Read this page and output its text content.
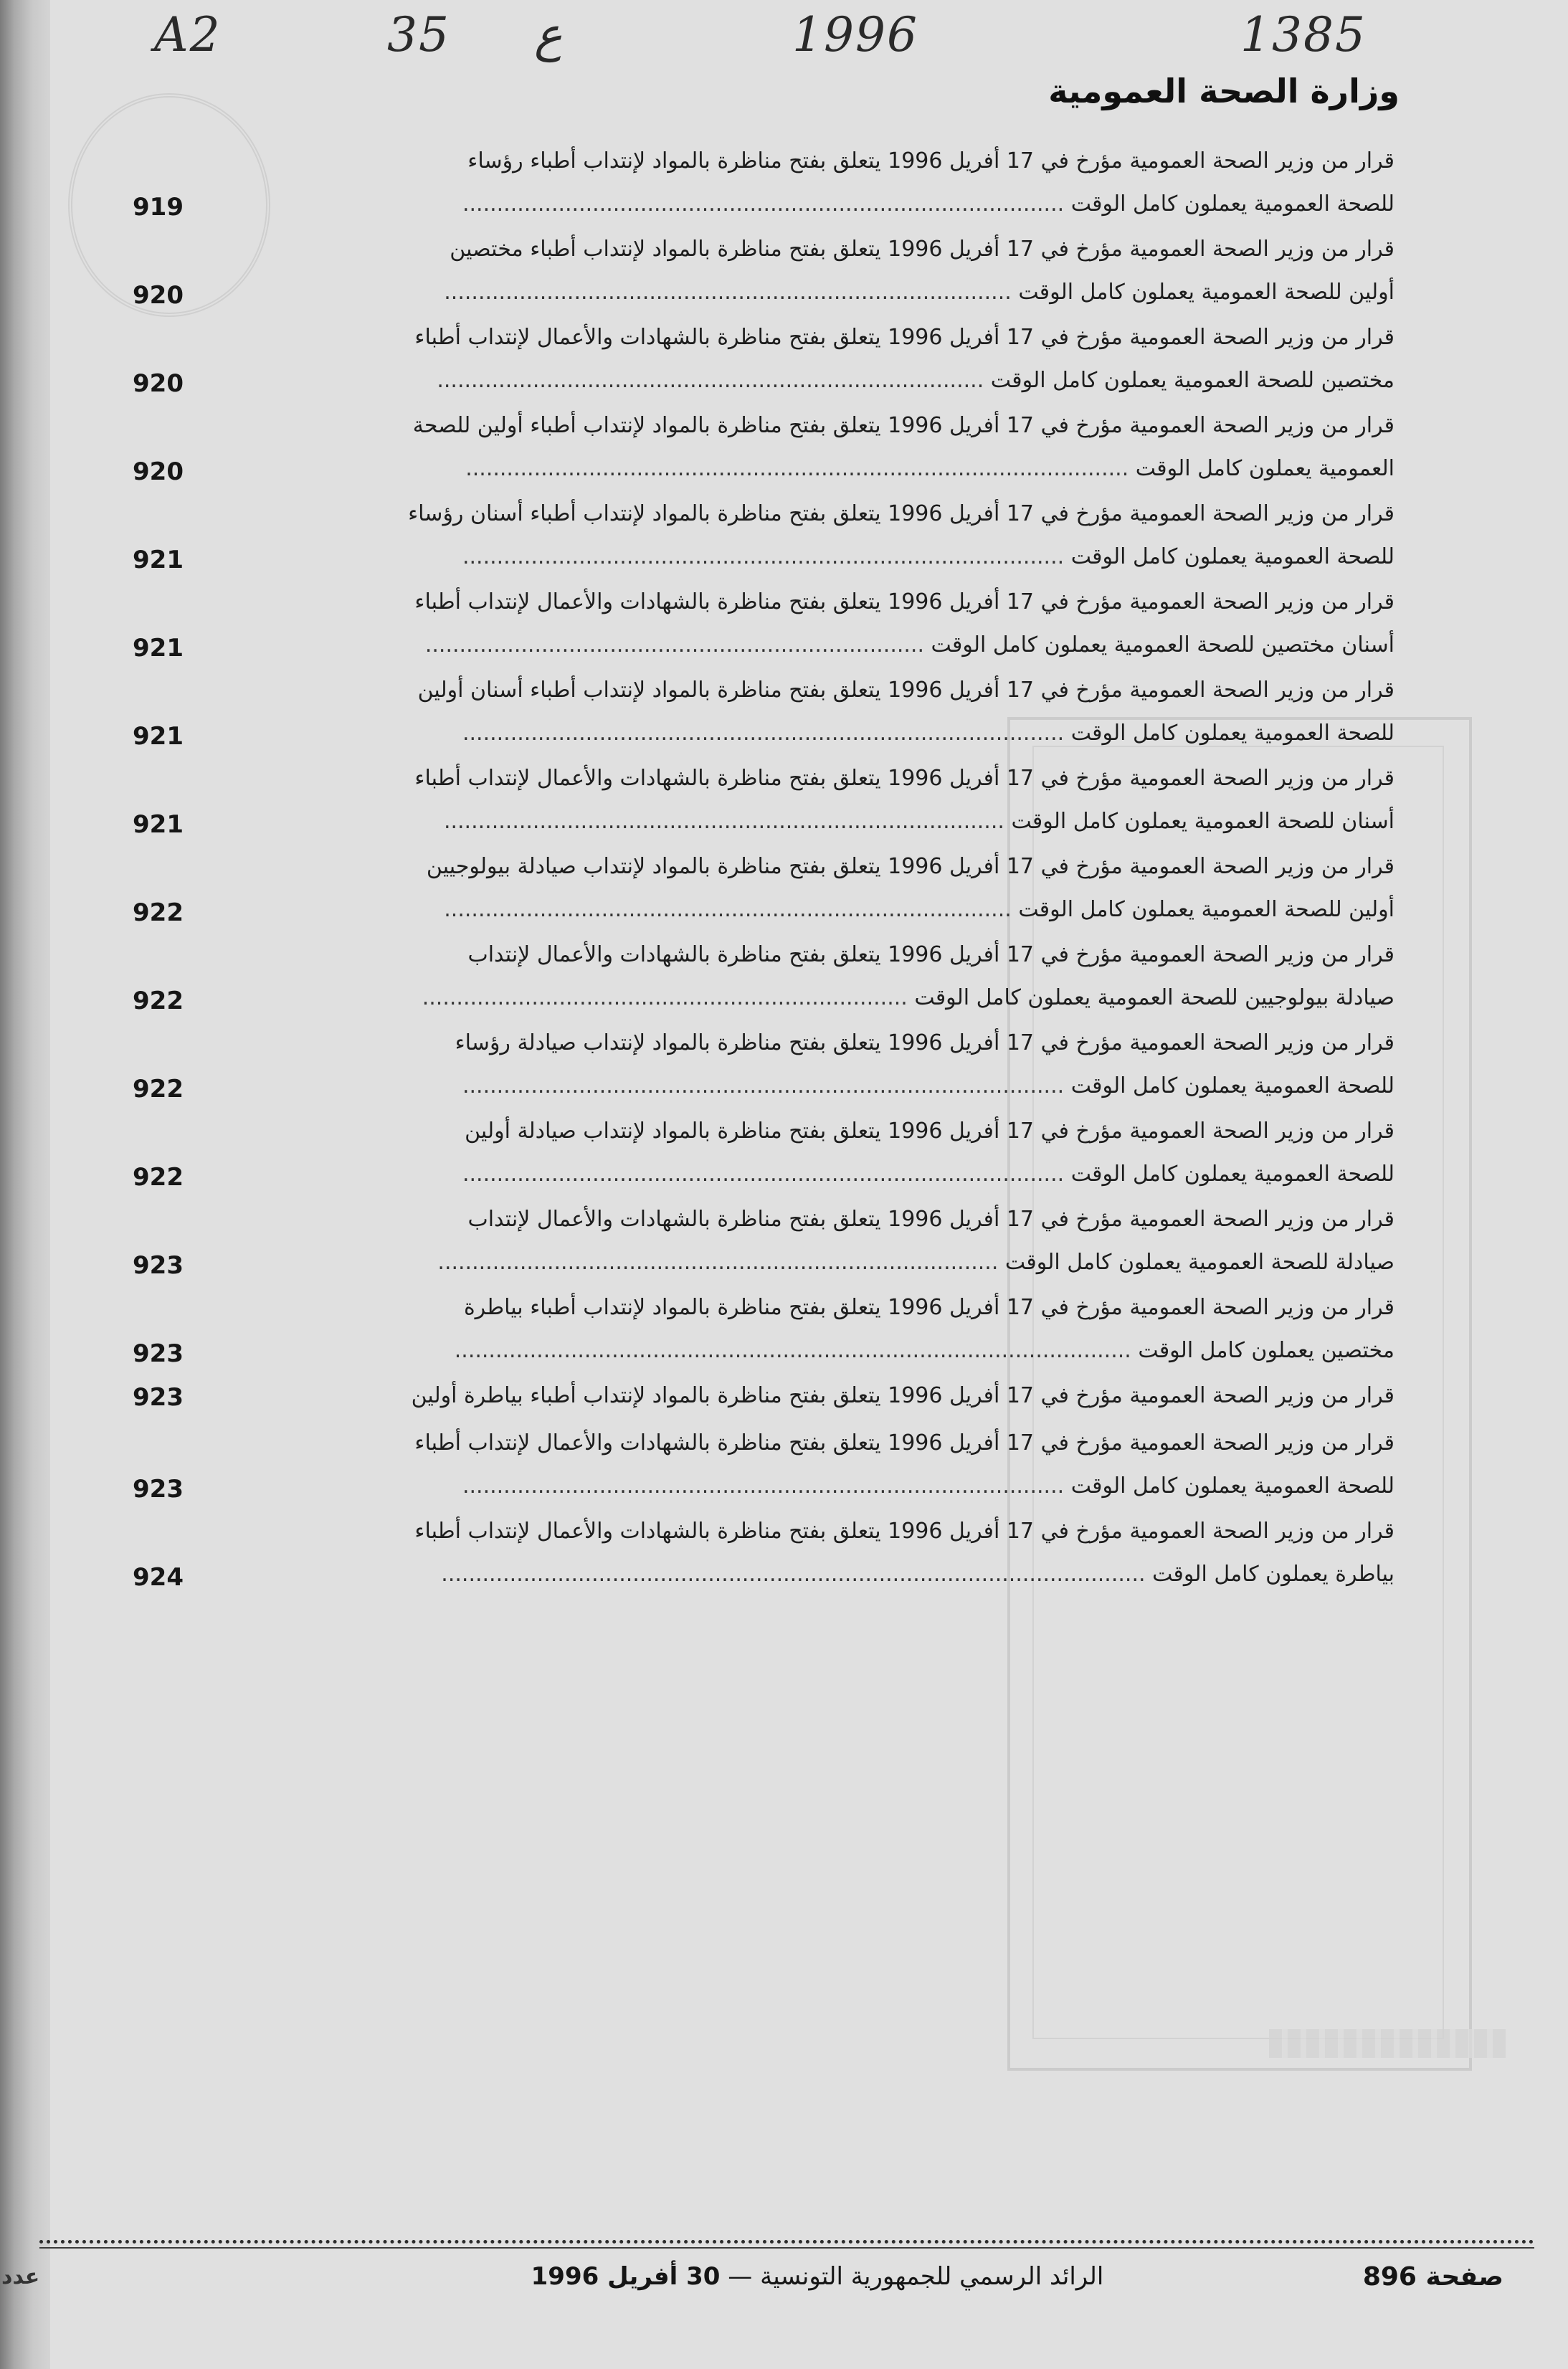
A2	35 ع	1996	1385
وزارة الصحة العمومية
قرار من وزير الصحة العمومية مؤرخ في 17 أفريل 1996 يتعلق بفتح مناظرة بالمواد لإنتداب أطباء رؤساء
للصحة العمومية يعملون كامل الوقت ........................................................................................
919
قرار من وزير الصحة العمومية مؤرخ في 17 أفريل 1996 يتعلق بفتح مناظرة بالمواد لإنتداب أطباء مختصين
أولين للصحة العمومية يعملون كامل الوقت ...................................................................................
920
قرار من وزير الصحة العمومية مؤرخ في 17 أفريل 1996 يتعلق بفتح مناظرة بالشهادات والأعمال لإنتداب أطباء
مختصين للصحة العمومية يعملون كامل الوقت ................................................................................
920
قرار من وزير الصحة العمومية مؤرخ في 17 أفريل 1996 يتعلق بفتح مناظرة بالمواد لإنتداب أطباء أولين للصحة
العمومية يعملون كامل الوقت .................................................................................................
920
قرار من وزير الصحة العمومية مؤرخ في 17 أفريل 1996 يتعلق بفتح مناظرة بالمواد لإنتداب أطباء أسنان رؤساء
للصحة العمومية يعملون كامل الوقت ........................................................................................
921
قرار من وزير الصحة العمومية مؤرخ في 17 أفريل 1996 يتعلق بفتح مناظرة بالشهادات والأعمال لإنتداب أطباء
أسنان مختصين للصحة العمومية يعملون كامل الوقت .........................................................................
921
قرار من وزير الصحة العمومية مؤرخ في 17 أفريل 1996 يتعلق بفتح مناظرة بالمواد لإنتداب أطباء أسنان أولين
للصحة العمومية يعملون كامل الوقت ........................................................................................
921
قرار من وزير الصحة العمومية مؤرخ في 17 أفريل 1996 يتعلق بفتح مناظرة بالشهادات والأعمال لإنتداب أطباء
أسنان للصحة العمومية يعملون كامل الوقت ..................................................................................
921
قرار من وزير الصحة العمومية مؤرخ في 17 أفريل 1996 يتعلق بفتح مناظرة بالمواد لإنتداب صيادلة بيولوجيين
أولين للصحة العمومية يعملون كامل الوقت ...................................................................................
922
قرار من وزير الصحة العمومية مؤرخ في 17 أفريل 1996 يتعلق بفتح مناظرة بالشهادات والأعمال لإنتداب
صيادلة بيولوجيين للصحة العمومية يعملون كامل الوقت .......................................................................
922
قرار من وزير الصحة العمومية مؤرخ في 17 أفريل 1996 يتعلق بفتح مناظرة بالمواد لإنتداب صيادلة رؤساء
للصحة العمومية يعملون كامل الوقت ........................................................................................
922
قرار من وزير الصحة العمومية مؤرخ في 17 أفريل 1996 يتعلق بفتح مناظرة بالمواد لإنتداب صيادلة أولين
للصحة العمومية يعملون كامل الوقت ........................................................................................
922
قرار من وزير الصحة العمومية مؤرخ في 17 أفريل 1996 يتعلق بفتح مناظرة بالشهادات والأعمال لإنتداب
صيادلة للصحة العمومية يعملون كامل الوقت ..................................................................................
923
قرار من وزير الصحة العمومية مؤرخ في 17 أفريل 1996 يتعلق بفتح مناظرة بالمواد لإنتداب أطباء بياطرة
مختصين يعملون كامل الوقت ...................................................................................................
923
قرار من وزير الصحة العمومية مؤرخ في 17 أفريل 1996 يتعلق بفتح مناظرة بالمواد لإنتداب أطباء بياطرة أولين
923
قرار من وزير الصحة العمومية مؤرخ في 17 أفريل 1996 يتعلق بفتح مناظرة بالشهادات والأعمال لإنتداب أطباء
للصحة العمومية يعملون كامل الوقت ........................................................................................
923
قرار من وزير الصحة العمومية مؤرخ في 17 أفريل 1996 يتعلق بفتح مناظرة بالشهادات والأعمال لإنتداب أطباء
بياطرة يعملون كامل الوقت .......................................................................................................
924
صفحة 896
الرائد الرسمي للجمهورية التونسية — 30 أفريل 1996
عدد
